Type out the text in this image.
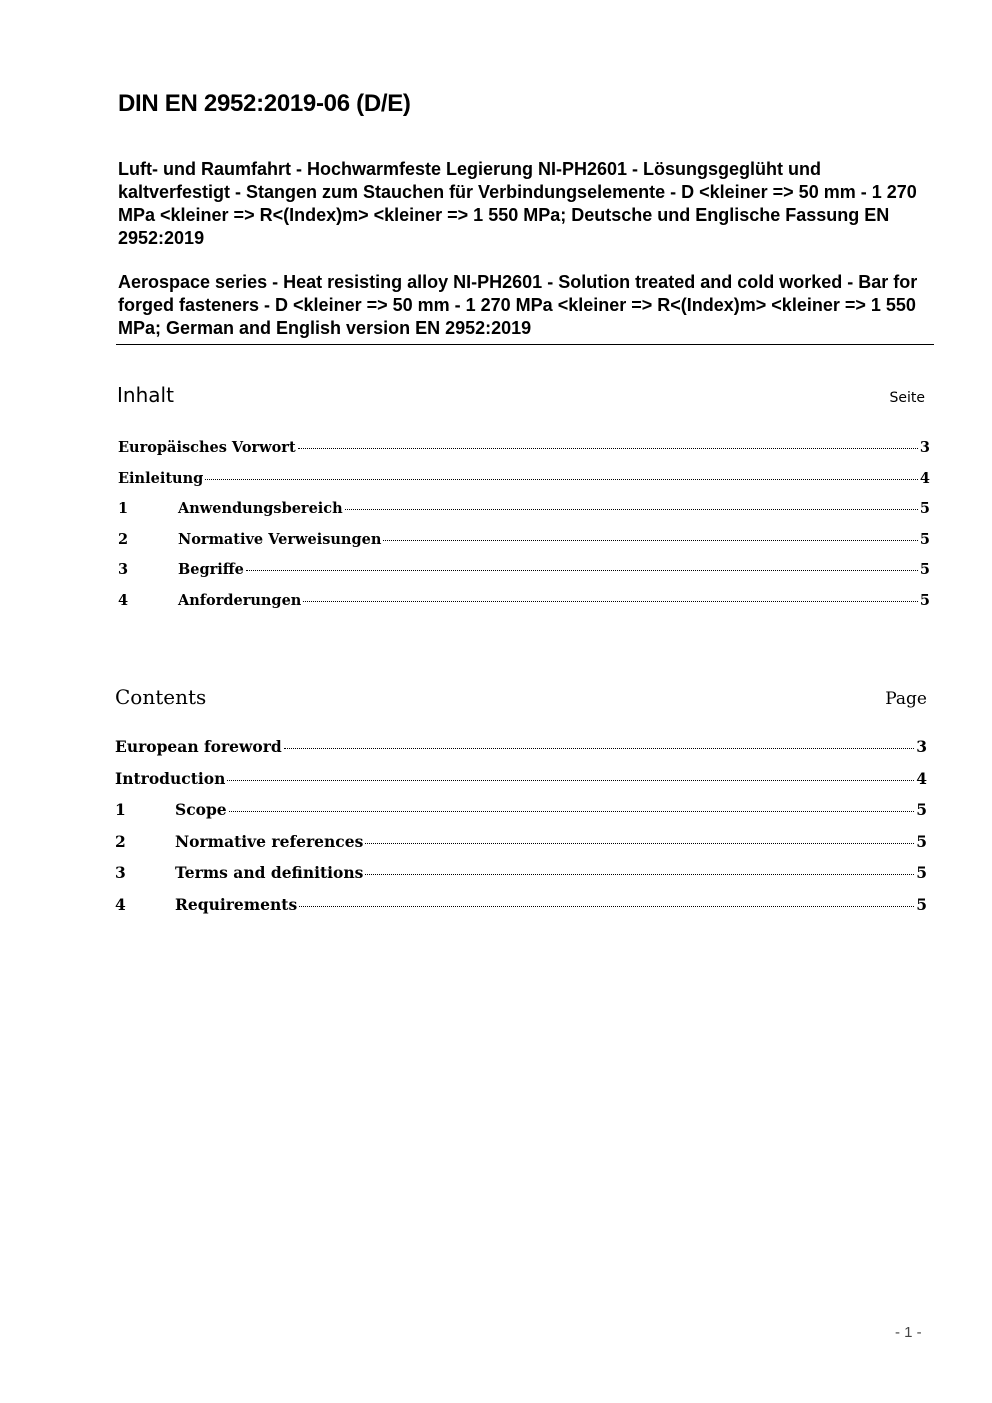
DIN EN 2952:2019-06 (D/E)

Luft- und Raumfahrt - Hochwarmfeste Legierung NI-PH2601 - Lösungsgeglüht und kaltverfestigt - Stangen zum Stauchen für Verbindungselemente - D <kleiner => 50 mm - 1 270 MPa <kleiner => R<(Index)m> <kleiner => 1 550 MPa; Deutsche und Englische Fassung EN 2952:2019

Aerospace series - Heat resisting alloy NI-PH2601 - Solution treated and cold worked - Bar for forged fasteners - D <kleiner => 50 mm - 1 270 MPa <kleiner => R<(Index)m> <kleiner => 1 550 MPa; German and English version EN 2952:2019

Inhalt	Seite
Europäisches Vorwort	3
Einleitung	4
1	Anwendungsbereich	5
2	Normative Verweisungen	5
3	Begriffe	5
4	Anforderungen	5
Contents	Page
European foreword	3
Introduction	4
1	Scope	5
2	Normative references	5
3	Terms and definitions	5
4	Requirements	5
- 1 -
